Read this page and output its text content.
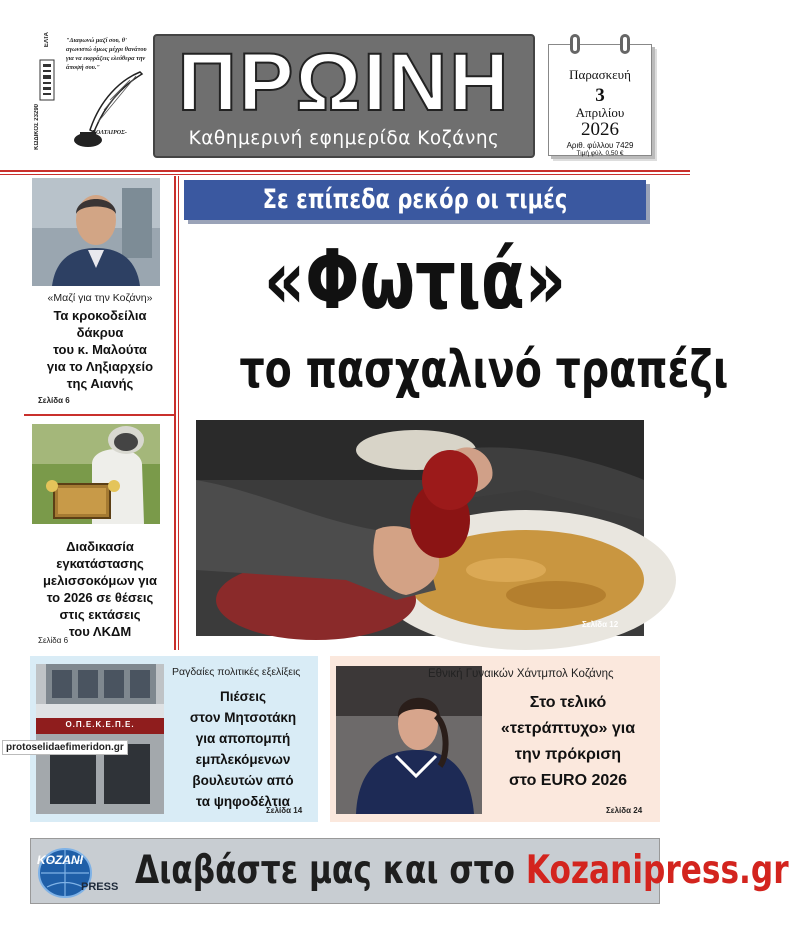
ΚΩΔΙΚΟΣ 23290
ΕΛΤΑ	"Διαφωνώ μαζί σου, θ' αγωνιστώ όμως μέχρι θανάτου για να εκφράζεις ελεύθερα την άποψή σου."
ΒΟΛΤΑΙΡΟΣ-
ΠΡΩΙΝΗ
Καθημερινή εφημερίδα Κοζάνης
Παρασκευή
3
Απριλίου
2026
Αριθ. φύλλου 7429
Τιμή φύλ. 0,50 €
«Μαζί για την Κοζάνη»
Τα κροκοδείλια
δάκρυα
του κ. Μαλούτα
για το Ληξιαρχείο
της Αιανής
Σελίδα 6
Διαδικασία
εγκατάστασης
μελισσοκόμων για
το 2026 σε θέσεις
στις εκτάσεις
του ΛΚΔΜ
Σελίδα 6
Σε επίπεδα ρεκόρ οι τιμές
«Φωτιά»
το πασχαλινό τραπέζι
Σελίδα 12
Ο.Π.Ε.Κ.Ε.Π.Ε.
Ραγδαίες πολιτικές εξελίξεις
Πιέσεις
στον Μητσοτάκη
για αποπομπή
εμπλεκόμενων
βουλευτών από
τα ψηφοδέλτια
Σελίδα 14
protoselidaefimeridon.gr
Εθνική Γυναικών Χάντμπολ Κοζάνης
Στο τελικό
«τετράπτυχο» για
την πρόκριση
στο EURO 2026
Σελίδα 24
KOZANI
PRESS Διαβάστε μας και στο Kozanipress.gr
